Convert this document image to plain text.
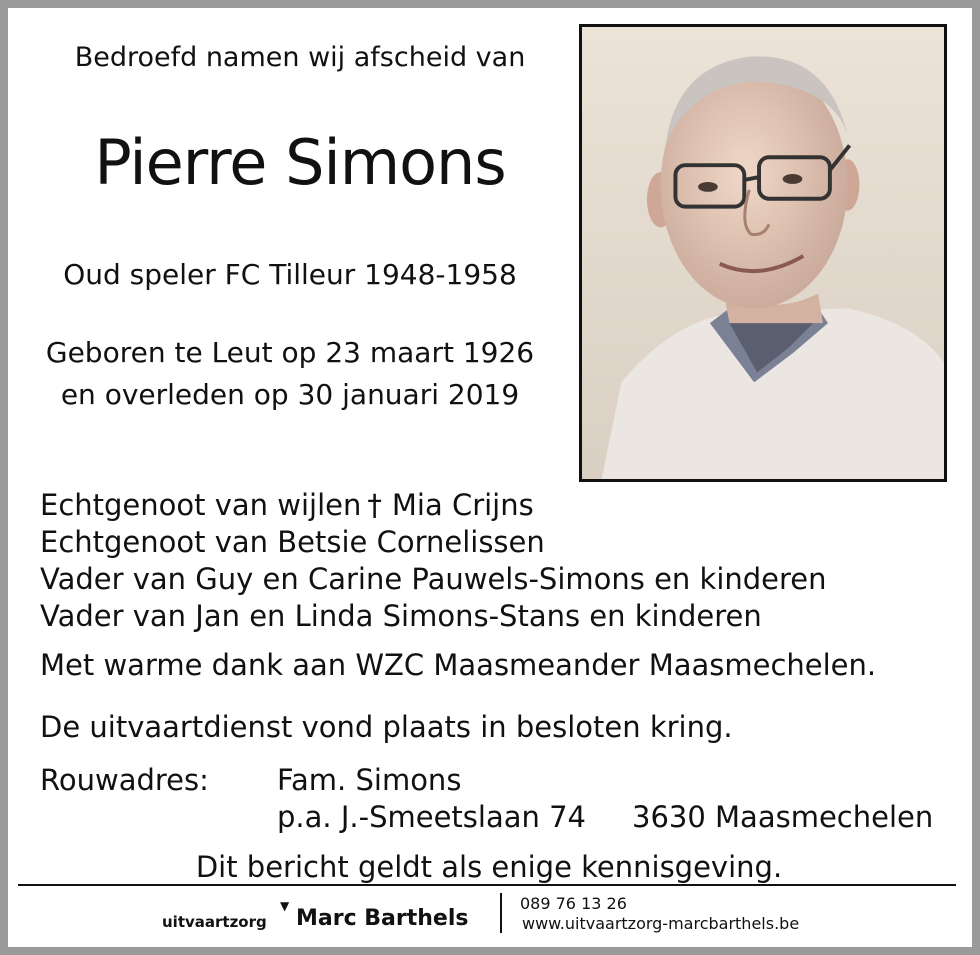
Bedroefd namen wij afscheid van
Pierre Simons
Oud speler FC Tilleur 1948-1958
Geboren te Leut op 23 maart 1926
en overleden op 30 januari 2019
Echtgenoot van wijlen † Mia Crijns
Echtgenoot van Betsie Cornelissen
Vader van Guy en Carine Pauwels-Simons en kinderen
Vader van Jan en Linda Simons-Stans en kinderen
Met warme dank aan WZC Maasmeander Maasmechelen.
De uitvaartdienst vond plaats in besloten kring.
Rouwadres: Fam. Simons
p.a. J.-Smeetslaan 74 3630 Maasmechelen
Dit bericht geldt als enige kennisgeving.
uitvaartzorg
▼ Marc Barthels
089 76 13 26
www.uitvaartzorg-marcbarthels.be
